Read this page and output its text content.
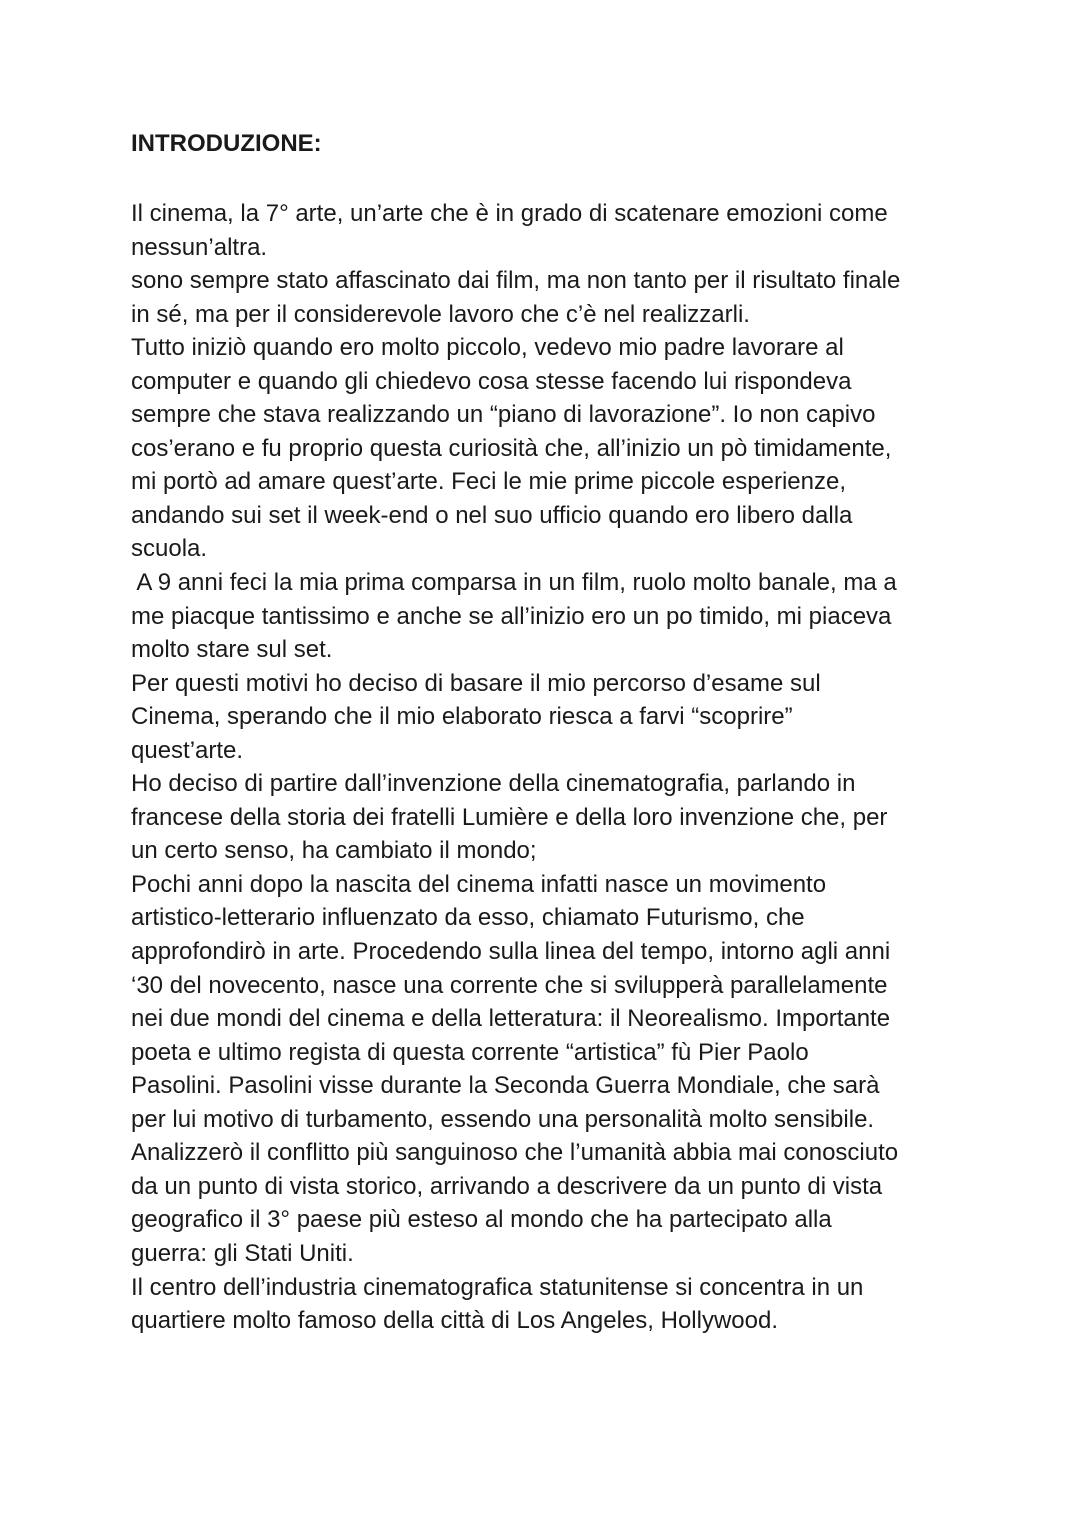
INTRODUZIONE:
Il cinema, la 7° arte, un’arte che è in grado di scatenare emozioni come
nessun’altra.
sono sempre stato affascinato dai film, ma non tanto per il risultato finale
in sé, ma per il considerevole lavoro che c’è nel realizzarli.
Tutto iniziò quando ero molto piccolo, vedevo mio padre lavorare al
computer e quando gli chiedevo cosa stesse facendo lui rispondeva
sempre che stava realizzando un “piano di lavorazione”. Io non capivo
cos’erano e fu proprio questa curiosità che, all’inizio un pò timidamente,
mi portò ad amare quest’arte. Feci le mie prime piccole esperienze,
andando sui set il week-end o nel suo ufficio quando ero libero dalla
scuola.
A 9 anni feci la mia prima comparsa in un film, ruolo molto banale, ma a
me piacque tantissimo e anche se all’inizio ero un po timido, mi piaceva
molto stare sul set.
Per questi motivi ho deciso di basare il mio percorso d’esame sul
Cinema, sperando che il mio elaborato riesca a farvi “scoprire”
quest’arte.
Ho deciso di partire dall’invenzione della cinematografia, parlando in
francese della storia dei fratelli Lumière e della loro invenzione che, per
un certo senso, ha cambiato il mondo;
Pochi anni dopo la nascita del cinema infatti nasce un movimento
artistico-letterario influenzato da esso, chiamato Futurismo, che
approfondirò in arte. Procedendo sulla linea del tempo, intorno agli anni
‘30 del novecento, nasce una corrente che si svilupperà parallelamente
nei due mondi del cinema e della letteratura: il Neorealismo. Importante
poeta e ultimo regista di questa corrente “artistica” fù Pier Paolo
Pasolini. Pasolini visse durante la Seconda Guerra Mondiale, che sarà
per lui motivo di turbamento, essendo una personalità molto sensibile.
Analizzerò il conflitto più sanguinoso che l’umanità abbia mai conosciuto
da un punto di vista storico, arrivando a descrivere da un punto di vista
geografico il 3° paese più esteso al mondo che ha partecipato alla
guerra: gli Stati Uniti.
Il centro dell’industria cinematografica statunitense si concentra in un
quartiere molto famoso della città di Los Angeles, Hollywood.
